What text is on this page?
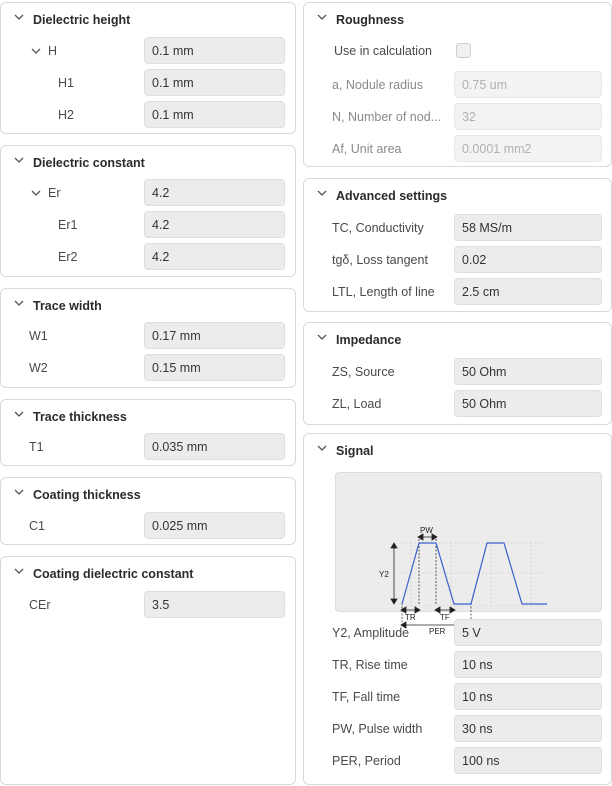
Dielectric height
H	0.1 mm
H1	0.1 mm
H2	0.1 mm
Dielectric constant
Er	4.2
Er1	4.2
Er2	4.2
Trace width
W1	0.17 mm
W2	0.15 mm
Trace thickness
T1	0.035 mm
Coating thickness
C1	0.025 mm
Coating dielectric constant
CEr	3.5
Roughness
Use in calculation
a, Nodule radius	0.75 um
N, Number of nod...	32
Af, Unit area	0.0001 mm2
Advanced settings
TC, Conductivity	58 MS/m
tgδ, Loss tangent	0.02
LTL, Length of line	2.5 cm
Impedance
ZS, Source	50 Ohm
ZL, Load	50 Ohm
Signal
Y2
PW
TR	TF
PER
Y2, Amplitude	5 V
TR, Rise time	10 ns
TF, Fall time	10 ns
PW, Pulse width	30 ns
PER, Period	100 ns
